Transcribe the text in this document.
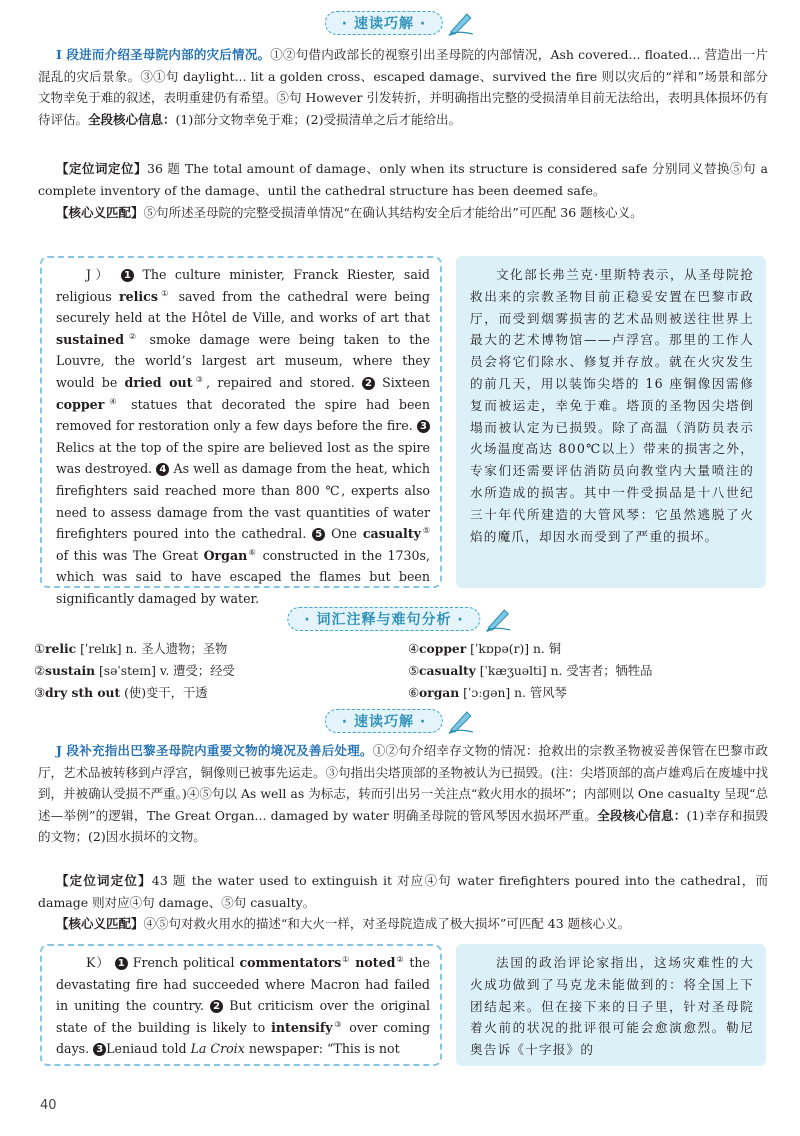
· 速读巧解 ·

I 段进而介绍圣母院内部的灾后情况。①②句借内政部长的视察引出圣母院的内部情况，Ash covered... floated... 营造出一片混乱的灾后景象。③①句 daylight... lit a golden cross、escaped damage、survived the fire 则以灾后的“祥和”场景和部分文物幸免于难的叙述，表明重建仍有希望。⑤句 However 引发转折，并明确指出完整的受损清单目前无法给出，表明具体损坏仍有待评估。全段核心信息：(1)部分文物幸免于难；(2)受损清单之后才能给出。

【定位词定位】36 题 The total amount of damage、only when its structure is considered safe 分别同义替换⑤句 a complete inventory of the damage、until the cathedral structure has been deemed safe。

【核心义匹配】⑤句所述圣母院的完整受损清单情况“在确认其结构安全后才能给出”可匹配 36 题核心义。

J） 1 The culture minister, Franck Riester, said religious relics① saved from the cathedral were being securely held at the Hôtel de Ville, and works of art that sustained② smoke damage were being taken to the Louvre, the world’s largest art museum, where they would be dried out③, repaired and stored. 2 Sixteen copper④ statues that decorated the spire had been removed for restoration only a few days before the fire. 3Relics at the top of the spire are believed lost as the spire was destroyed. 4 As well as damage from the heat, which firefighters said reached more than 800 ℃, experts also need to assess damage from the vast quantities of water firefighters poured into the cathedral. 5 One casualty⑤ of this was The Great Organ⑥ constructed in the 1730s, which was said to have escaped the flames but been significantly damaged by water.
文化部长弗兰克·里斯特表示，从圣母院抢救出来的宗教圣物目前正稳妥安置在巴黎市政厅，而受到烟雾损害的艺术品则被送往世界上最大的艺术博物馆——卢浮宫。那里的工作人员会将它们除水、修复并存放。就在火灾发生的前几天，用以装饰尖塔的 16 座铜像因需修复而被运走，幸免于难。塔顶的圣物因尖塔倒塌而被认定为已损毁。除了高温（消防员表示火场温度高达 800℃以上）带来的损害之外，专家们还需要评估消防员向教堂内大量喷注的水所造成的损害。其中一件受损品是十八世纪三十年代所建造的大管风琴：它虽然逃脱了火焰的魔爪，却因水而受到了严重的损坏。
· 词汇注释与难句分析 ·
①relic [ˈrelɪk] n. 圣人遗物；圣物
②sustain [səˈsteɪn] v. 遭受；经受
③dry sth out (使)变干，干透
④copper [ˈkɒpə(r)] n. 铜
⑤casualty [ˈkæʒuəlti] n. 受害者；牺牲品
⑥organ [ˈɔːɡən] n. 管风琴
· 速读巧解 ·

J 段补充指出巴黎圣母院内重要文物的境况及善后处理。①②句介绍幸存文物的情况：抢救出的宗教圣物被妥善保管在巴黎市政厅，艺术品被转移到卢浮宫，铜像则已被事先运走。③句指出尖塔顶部的圣物被认为已损毁。(注：尖塔顶部的高卢雄鸡后在废墟中找到，并被确认受损不严重。)④⑤句以 As well as 为标志，转而引出另一关注点“救火用水的损坏”；内部则以 One casualty 呈现“总述—举例”的逻辑，The Great Organ... damaged by water 明确圣母院的管风琴因水损坏严重。全段核心信息：(1)幸存和损毁的文物；(2)因水损坏的文物。

【定位词定位】43 题 the water used to extinguish it 对应④句 water firefighters poured into the cathedral，而 damage 则对应④句 damage、⑤句 casualty。

【核心义匹配】④⑤句对救火用水的描述“和大火一样，对圣母院造成了极大损坏”可匹配 43 题核心义。

K） 1 French political commentators① noted② the devastating fire had succeeded where Macron had failed in uniting the country. 2 But criticism over the original state of the building is likely to intensify③ over coming days. 3 Leniaud told La Croix newspaper: “This is not
法国的政治评论家指出，这场灾难性的大火成功做到了马克龙未能做到的：将全国上下团结起来。但在接下来的日子里，针对圣母院着火前的状况的批评很可能会愈演愈烈。勒尼奥告诉《十字报》的
40
